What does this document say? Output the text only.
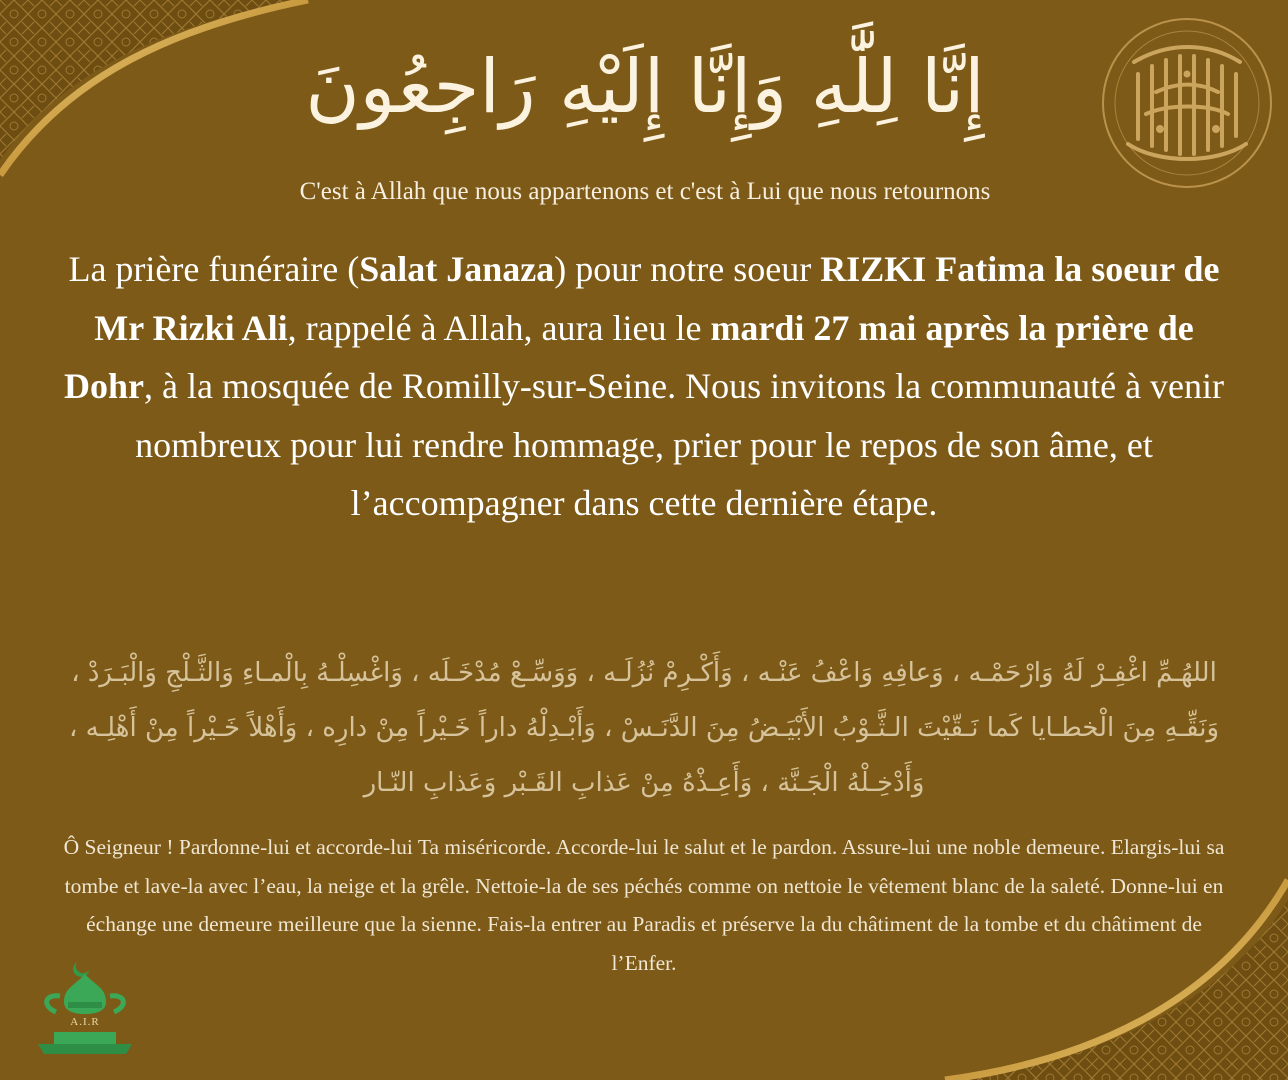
إِنَّا لِلَّٰهِ وَإِنَّا إِلَيْهِ رَاجِعُونَ
C'est à Allah que nous appartenons et c'est à Lui que nous retournons
La prière funéraire (Salat Janaza) pour notre soeur RIZKI Fatima la soeur de Mr Rizki Ali, rappelé à Allah, aura lieu le mardi 27 mai après la prière de Dohr, à la mosquée de Romilly-sur-Seine. Nous invitons la communauté à venir nombreux pour lui rendre hommage, prier pour le repos de son âme, et l’accompagner dans cette dernière étape.
اللهُـمِّ اغْفِـرْ لَهُ وَارْحَمْـه ، وَعافِهِ وَاعْفُ عَنْـه ، وَأَكْـرِمْ نُزُلَـه ، وَوَسِّـعْ مُدْخَـلَه ، وَاغْسِلْـهُ بِالْمـاءِ وَالثَّـلْجِ وَالْبَـرَدْ ، وَنَقِّـهِ مِنَ الْخطـايا كَما نَـقّيْتَ الـثَّـوْبُ الأَبْيَـضُ مِنَ الدَّنَـسْ ، وَأَبْـدِلْهُ داراً خَـيْراً مِنْ دارِه ، وَأَهْلاً خَـيْراً مِنْ أَهْلِـه ، وَأَدْخِـلْهُ الْجَـنَّة ، وَأَعِـذْهُ مِنْ عَذابِ القَـبْر وَعَذابِ النّـار
Ô Seigneur ! Pardonne-lui et accorde-lui Ta miséricorde. Accorde-lui le salut et le pardon. Assure-lui une noble demeure. Elargis-lui sa tombe et lave-la avec l’eau, la neige et la grêle. Nettoie-la de ses péchés comme on nettoie le vêtement blanc de la saleté. Donne-lui en échange une demeure meilleure que la sienne. Fais-la entrer au Paradis et préserve la du châtiment de la tombe et du châtiment de l’Enfer.
A.I.R
